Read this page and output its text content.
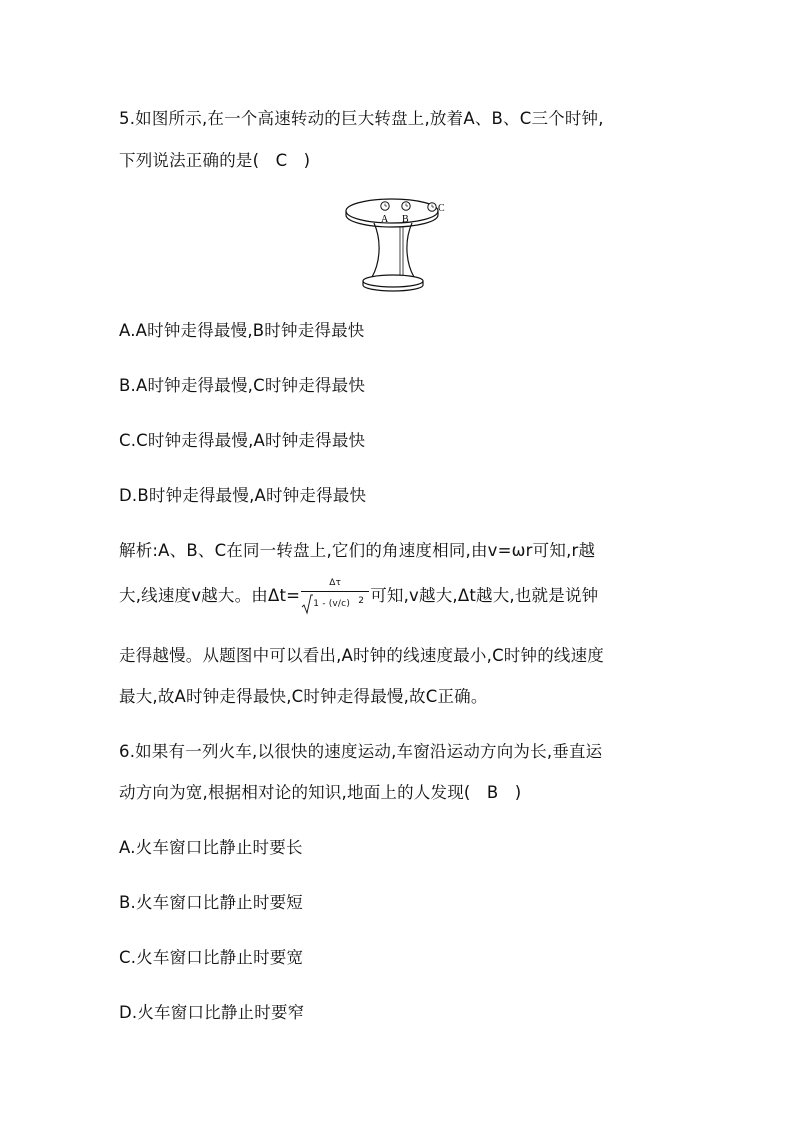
5.如图所示,在一个高速转动的巨大转盘上,放着A、B、C三个时钟,
下列说法正确的是(   C   )
A B
C
A.A时钟走得最慢,B时钟走得最快
B.A时钟走得最慢,C时钟走得最快
C.C时钟走得最慢,A时钟走得最快
D.B时钟走得最慢,A时钟走得最快
解析:A、B、C在同一转盘上,它们的角速度相同,由v=ωr可知,r越
大,线速度v越大。由Δt=
Δτ
1 - (v/c) 2 可知,v越大,Δt越大,也就是说钟
走得越慢。从题图中可以看出,A时钟的线速度最小,C时钟的线速度
最大,故A时钟走得最快,C时钟走得最慢,故C正确。
6.如果有一列火车,以很快的速度运动,车窗沿运动方向为长,垂直运
动方向为宽,根据相对论的知识,地面上的人发现(   B   )
A.火车窗口比静止时要长
B.火车窗口比静止时要短
C.火车窗口比静止时要宽
D.火车窗口比静止时要窄
